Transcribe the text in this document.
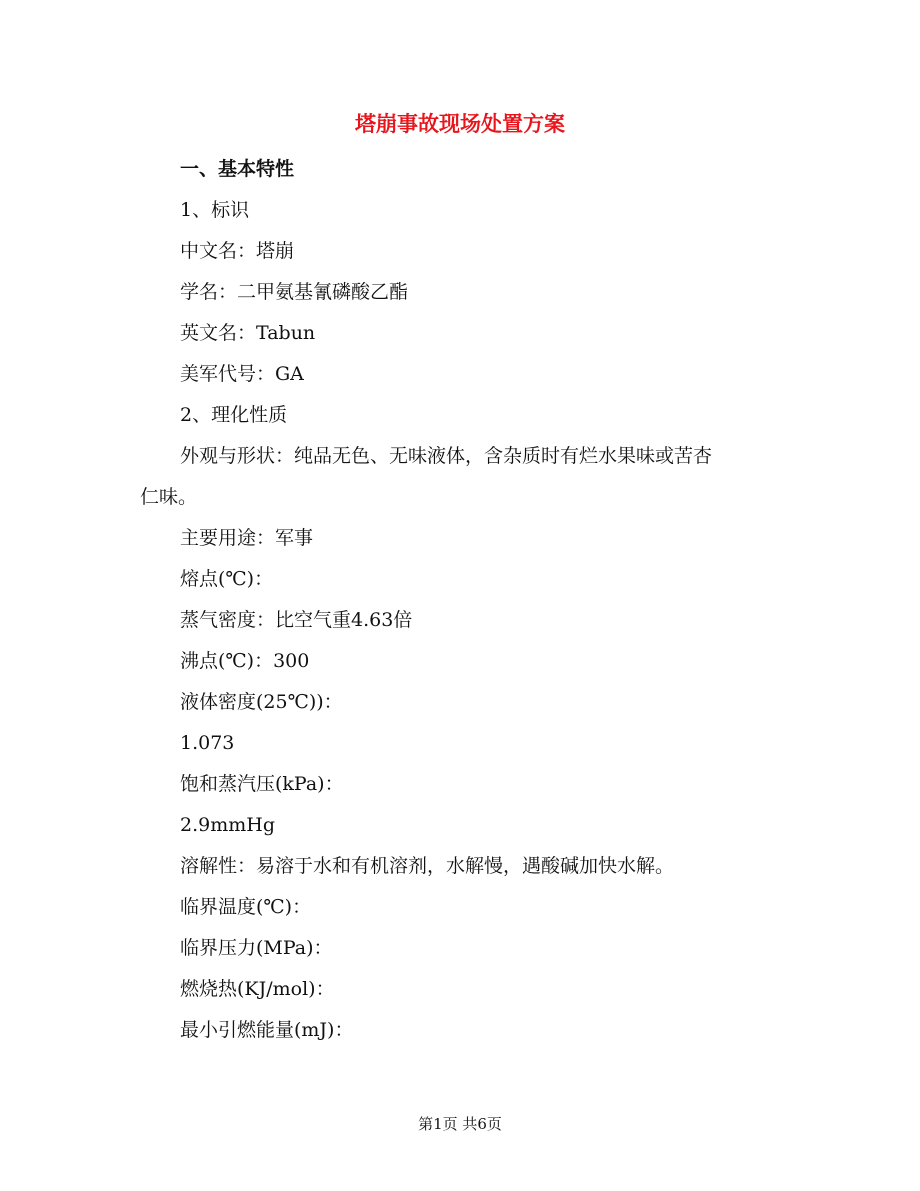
塔崩事故现场处置方案
一、基本特性
1、标识
中文名：塔崩
学名：二甲氨基氰磷酸乙酯
英文名：Tabun
美军代号：GA
2、理化性质
外观与形状：纯品无色、无味液体，含杂质时有烂水果味或苦杏
仁味。
主要用途：军事
熔点(℃)：
蒸气密度：比空气重4.63倍
沸点(℃)：300
液体密度(25℃))：
1.073
饱和蒸汽压(kPa)：
2.9mmHg
溶解性：易溶于水和有机溶剂，水解慢，遇酸碱加快水解。
临界温度(℃)：
临界压力(MPa)：
燃烧热(KJ/mol)：
最小引燃能量(mJ)：
第1页 共6页
